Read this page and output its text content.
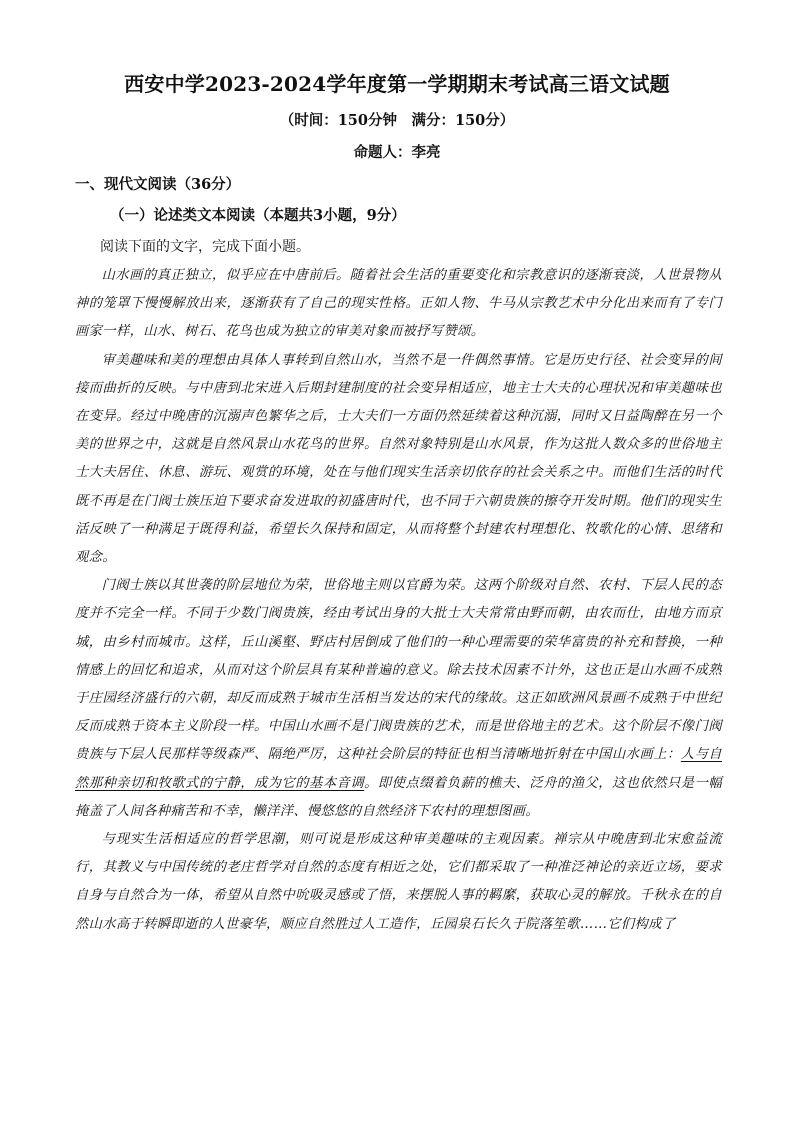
西安中学2023-2024学年度第一学期期末考试高三语文试题
（时间：150分钟　满分：150分）
命题人：李亮
一、现代文阅读（36分）
（一）论述类文本阅读（本题共3小题，9分）
阅读下面的文字，完成下面小题。

山水画的真正独立，似乎应在中唐前后。随着社会生活的重要变化和宗教意识的逐渐衰淡，人世景物从神的笼罩下慢慢解放出来，逐渐获有了自己的现实性格。正如人物、牛马从宗教艺术中分化出来而有了专门画家一样，山水、树石、花鸟也成为独立的审美对象而被抒写赞颂。

审美趣味和美的理想由具体人事转到自然山水，当然不是一件偶然事情。它是历史行径、社会变异的间接而曲折的反映。与中唐到北宋进入后期封建制度的社会变异相适应，地主士大夫的心理状况和审美趣味也在变异。经过中晚唐的沉溺声色繁华之后，士大夫们一方面仍然延续着这种沉溺，同时又日益陶醉在另一个美的世界之中，这就是自然风景山水花鸟的世界。自然对象特别是山水风景，作为这批人数众多的世俗地主士大夫居住、休息、游玩、观赏的环境，处在与他们现实生活亲切依存的社会关系之中。而他们生活的时代既不再是在门阀士族压迫下要求奋发进取的初盛唐时代，也不同于六朝贵族的擦夺开发时期。他们的现实生活反映了一种满足于既得利益，希望长久保持和固定，从而将整个封建农村理想化、牧歌化的心情、思绪和观念。

门阀士族以其世袭的阶层地位为荣，世俗地主则以官爵为荣。这两个阶级对自然、农村、下层人民的态度并不完全一样。不同于少数门阀贵族，经由考试出身的大批士大夫常常由野而朝，由农而仕，由地方而京城，由乡村而城市。这样，丘山溪壑、野店村居倒成了他们的一种心理需要的荣华富贵的补充和替换，一种情感上的回忆和追求，从而对这个阶层具有某种普遍的意义。除去技术因素不计外，这也正是山水画不成熟于庄园经济盛行的六朝，却反而成熟于城市生活相当发达的宋代的缘故。这正如欧洲风景画不成熟于中世纪反而成熟于资本主义阶段一样。中国山水画不是门阀贵族的艺术，而是世俗地主的艺术。这个阶层不像门阀贵族与下层人民那样等级森严、隔绝严厉，这种社会阶层的特征也相当清晰地折射在中国山水画上：人与自然那种亲切和牧歌式的宁静，成为它的基本音调。即使点缀着负薪的樵夫、泛舟的渔父，这也依然只是一幅掩盖了人间各种痛苦和不幸，懒洋洋、慢悠悠的自然经济下农村的理想图画。

与现实生活相适应的哲学思潮，则可说是形成这种审美趣味的主观因素。禅宗从中晚唐到北宋愈益流行，其教义与中国传统的老庄哲学对自然的态度有相近之处，它们都采取了一种准泛神论的亲近立场，要求自身与自然合为一体，希望从自然中吮吸灵感或了悟，来摆脱人事的羁縻，获取心灵的解放。千秋永在的自然山水高于转瞬即逝的人世豪华，顺应自然胜过人工造作，丘园泉石长久于院落笙歌……它们构成了
